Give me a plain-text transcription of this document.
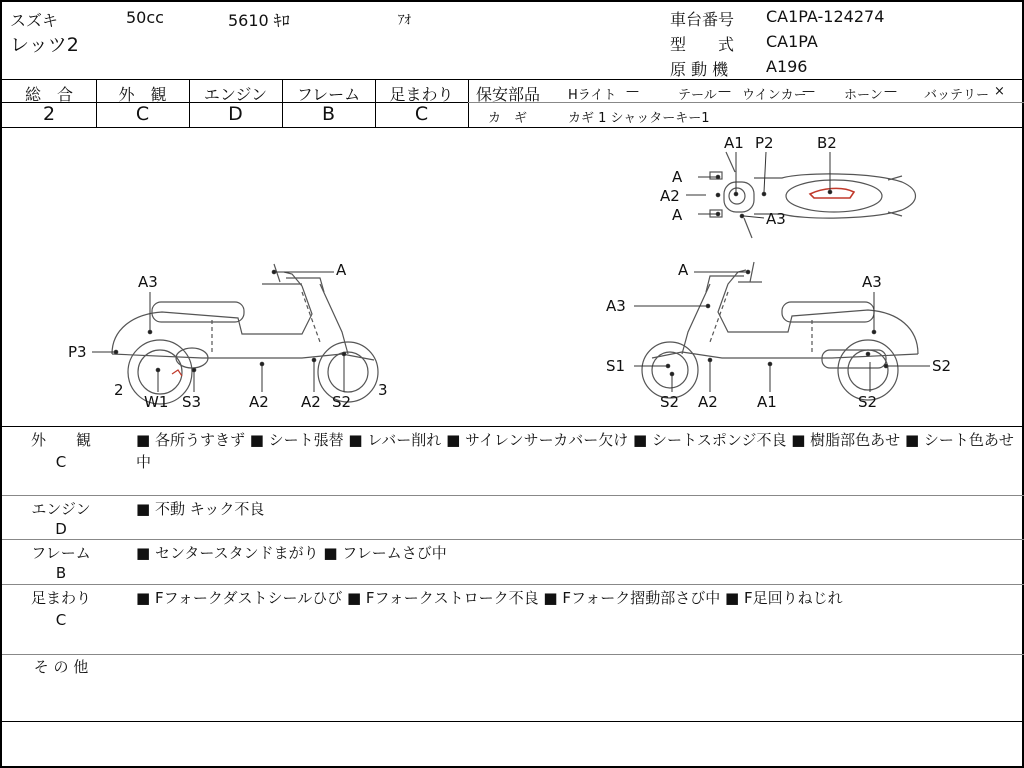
スズキ	50cc	5610 ｷﾛ	ｱｵ
レッツ2
車台番号 CA1PA-124274
型　　式 CA1PA
原 動 機 A196
総　合	外　観	エンジン	フレーム	足まわり
2	C	D	B	C
保安部品 Hライト —	テール — ウインカー
— ホーン — バッテリー ×
カ　ギ	カギ 1 シャッターキー1
A
A2
A
A1 P2	B2
A3
A
A3
P3
2	3
W1 S3	A2 A2 S2
A
A3
A3
S1
S2
S2
A2	A1	S2
外　　観
C
■ 各所うすきず ■ シート張替 ■ レバー削れ ■ サイレンサーカバー欠け ■ シートスポンジ不良 ■ 樹脂部色あせ ■ シート色あせ中
エンジン
D
■ 不動 キック不良
フレーム
B
■ センタースタンドまがり ■ フレームさび中
足まわり
C
■ Fフォークダストシールひび ■ Fフォークストローク不良 ■ Fフォーク摺動部さび中 ■ F足回りねじれ
そ の 他
